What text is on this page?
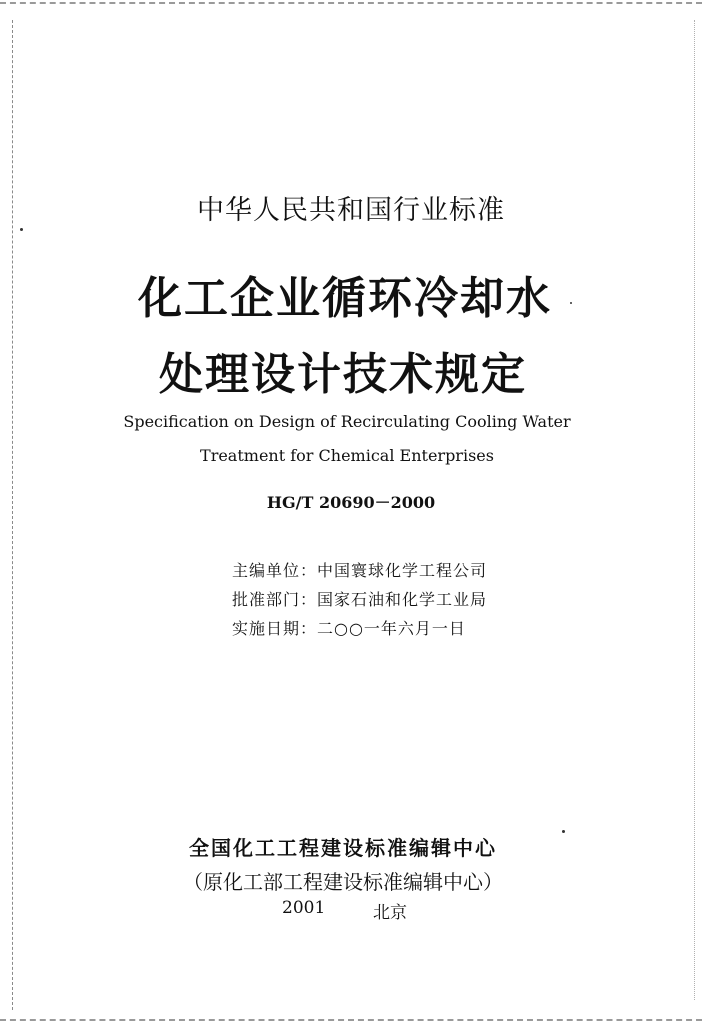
中华人民共和国行业标准
化工企业循环冷却水
处理设计技术规定
Specification on Design of Recirculating Cooling Water
Treatment for Chemical Enterprises
HG/T 20690－2000
主编单位：中国寰球化学工程公司
批准部门：国家石油和化学工业局
实施日期：二○○一年六月一日
全国化工工程建设标准编辑中心
（原化工部工程建设标准编辑中心）
2001	北京
